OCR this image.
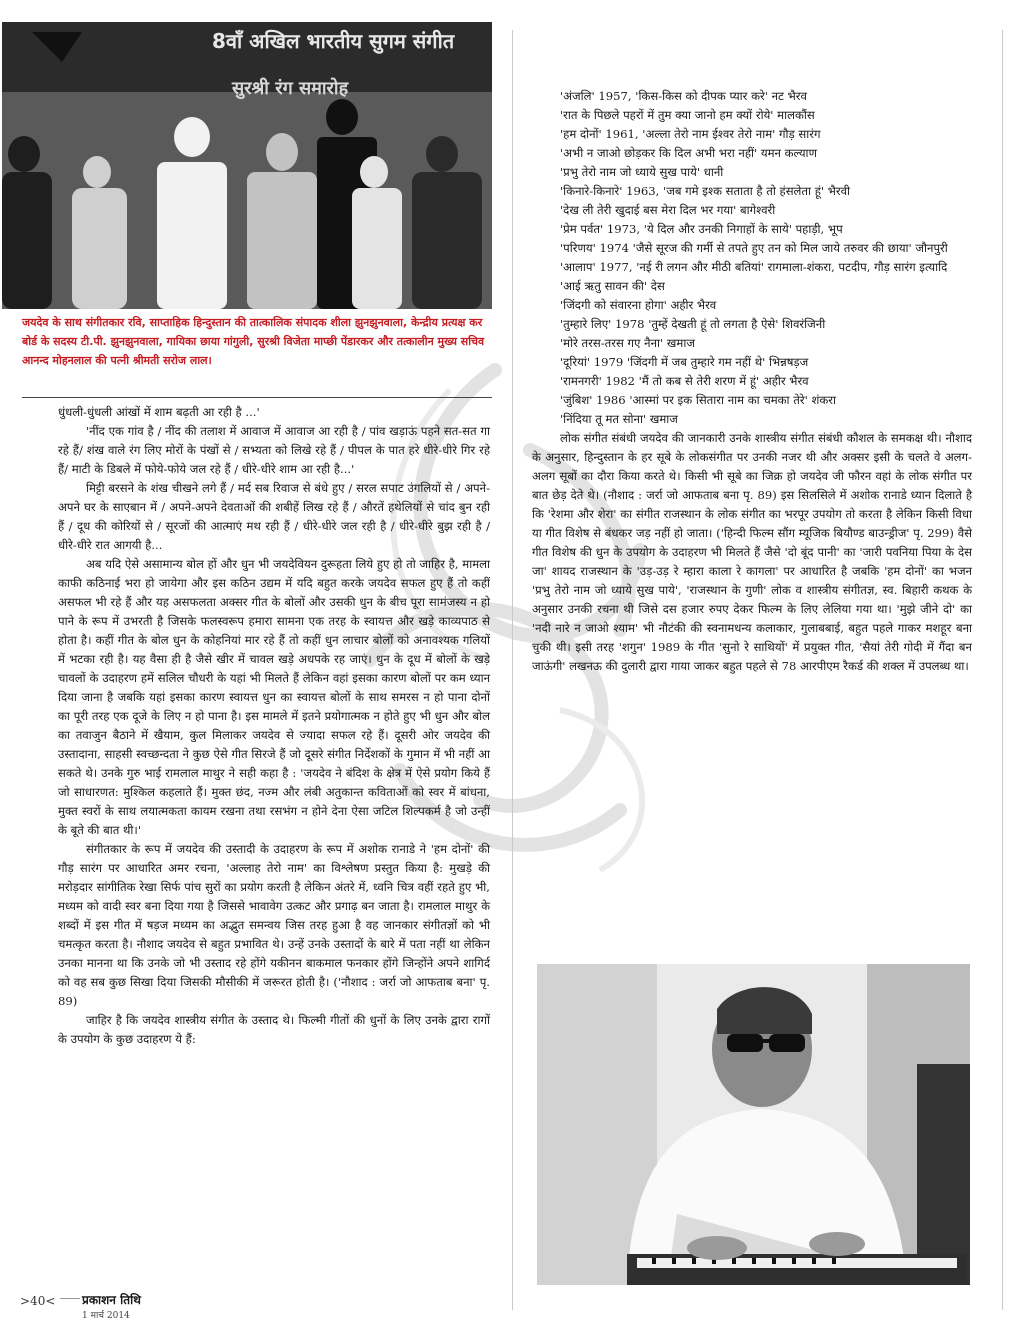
8वाँ अखिल भारतीय सुगम संगीत
सुरश्री रंग समारोह
जयदेव के साथ संगीतकार रवि, साप्ताहिक हिन्दुस्तान की तात्कालिक संपादक शीला झुनझुनवाला, केन्द्रीय प्रत्यक्ष कर बोर्ड के सदस्य टी.पी. झुनझुनवाला, गायिका छाया गांगुली, सुरश्री विजेता माप्छी पेंडारकर और तत्कालीन मुख्य सचिव आनन्द मोहनलाल की पत्नी श्रीमती सरोज लाल।

धुंधली-धुंधली आंखों में शाम बढ़ती आ रही है ...'

'नींद एक गांव है / नींद की तलाश में आवाज में आवाज आ रही है / पांव खड़ाऊं पहने सत-सत गा रहे हैं/ शंख वाले रंग लिए मोरों के पंखों से / सभ्यता को लिखे रहे हैं / पीपल के पात हरे धीरे-धीरे गिर रहे हैं/ माटी के डिबले में फोये-फोये जल रहे हैं / धीरे-धीरे शाम आ रही है...'

मिट्टी बरसने के शंख चीखने लगे हैं / मर्द सब रिवाज से बंधे हुए / सरल सपाट उंगलियों से / अपने-अपने घर के साएबान में / अपने-अपने देवताओं की शबीहें लिख रहे हैं / औरतें हथेलियों से चांद बुन रही हैं / दूध की कोरियों से / सूरजों की आत्माएं मथ रही हैं / धीरे-धीरे जल रही है / धीरे-धीरे बुझ रही है / धीरे-धीरे रात आगयी है...

अब यदि ऐसे असामान्य बोल हों और धुन भी जयदेवियन दुरूहता लिये हुए हो तो जाहिर है, मामला काफी कठिनाई भरा हो जायेगा और इस कठिन उद्यम में यदि बहुत करके जयदेव सफल हुए हैं तो कहीं असफल भी रहे हैं और यह असफलता अक्सर गीत के बोलों और उसकी धुन के बीच पूरा सामंजस्य न हो पाने के रूप में उभरती है जिसके फलस्वरूप हमारा सामना एक तरह के स्वायत्त और खड़े काव्यपाठ से होता है। कहीं गीत के बोल धुन के कोहनियां मार रहे हैं तो कहीं धुन लाचार बोलों को अनावश्यक गलियों में भटका रही है। यह वैसा ही है जैसे खीर में चावल खड़े अधपके रह जाएं। धुन के दूध में बोलों के खड़े चावलों के उदाहरण हमें सलिल चौधरी के यहां भी मिलते हैं लेकिन वहां इसका कारण बोलों पर कम ध्यान दिया जाना है जबकि यहां इसका कारण स्वायत्त धुन का स्वायत्त बोलों के साथ समरस न हो पाना दोनों का पूरी तरह एक दूजे के लिए न हो पाना है। इस मामले में इतने प्रयोगात्मक न होते हुए भी धुन और बोल का तवाजुन बैठाने में खैयाम, कुल मिलाकर जयदेव से ज्यादा सफल रहे हैं। दूसरी ओर जयदेव की उस्तादाना, साहसी स्वच्छन्दता ने कुछ ऐसे गीत सिरजे हैं जो दूसरे संगीत निर्देशकों के गुमान में भी नहीं आ सकते थे। उनके गुरु भाई रामलाल माथुर ने सही कहा है : 'जयदेव ने बंदिश के क्षेत्र में ऐसे प्रयोग किये हैं जो साधारणत: मुश्किल कहलाते हैं। मुक्त छंद, नज्म और लंबी अतुकान्त कविताओं को स्वर में बांधना, मुक्त स्वरों के साथ लयात्मकता कायम रखना तथा रसभंग न होने देना ऐसा जटिल शिल्पकर्म है जो उन्हीं के बूते की बात थी।'

संगीतकार के रूप में जयदेव की उस्तादी के उदाहरण के रूप में अशोक रानाडे ने 'हम दोनों' की गौड़ सारंग पर आधारित अमर रचना, 'अल्लाह तेरो नाम' का विश्लेषण प्रस्तुत किया है: मुखड़े की मरोड़दार सांगीतिक रेखा सिर्फ पांच सुरों का प्रयोग करती है लेकिन अंतरे में, ध्वनि चित्र वहीं रहते हुए भी, मध्यम को वादी स्वर बना दिया गया है जिससे भावावेग उत्कट और प्रगाढ़ बन जाता है। रामलाल माथुर के शब्दों में इस गीत में षड़ज मध्यम का अद्भुत समन्वय जिस तरह हुआ है वह जानकार संगीतज्ञों को भी चमत्कृत करता है। नौशाद जयदेव से बहुत प्रभावित थे। उन्हें उनके उस्तादों के बारे में पता नहीं था लेकिन उनका मानना था कि उनके जो भी उस्ताद रहे होंगे यकीनन बाकमाल फनकार होंगे जिन्होंने अपने शागिर्द को वह सब कुछ सिखा दिया जिसकी मौसीकी में जरूरत होती है। ('नौशाद : जर्रा जो आफताब बना' पृ. 89)

जाहिर है कि जयदेव शास्त्रीय संगीत के उस्ताद थे। फिल्मी गीतों की धुनों के लिए उनके द्वारा रागों के उपयोग के कुछ उदाहरण ये हैं:

'अंजलि' 1957, 'किस-किस को दीपक प्यार करे' नट भैरव

'रात के पिछले पहरों में तुम क्या जानो हम क्यों रोये' मालकौंस

'हम दोनों' 1961, 'अल्ला तेरो नाम ईश्वर तेरो नाम' गौड़ सारंग

'अभी न जाओ छोड़कर कि दिल अभी भरा नहीं' यमन कल्याण

'प्रभु तेरो नाम जो ध्याये सुख पाये' धानी

'किनारे-किनारे' 1963, 'जब गमे इश्क सताता है तो हंसलेता हूं' भैरवी

'देख ली तेरी खुदाई बस मेरा दिल भर गया' बागेश्वरी

'प्रेम पर्वत' 1973, 'ये दिल और उनकी निगाहों के साये' पहाड़ी, भूप

'परिणय' 1974 'जैसे सूरज की गर्मी से तपते हुए तन को मिल जाये तरुवर की छाया' जौनपुरी

'आलाप' 1977, 'नई री लगन और मीठी बतियां' रागमाला-शंकरा, पटदीप, गौड़ सारंग इत्यादि

'आई ऋतु सावन की' देस

'जिंदगी को संवारना होगा' अहीर भैरव

'तुम्हारे लिए' 1978 'तुम्हें देखती हूं तो लगता है ऐसे' शिवरंजिनी

'मोरे तरस-तरस गए नैना' खमाज

'दूरियां' 1979 'जिंदगी में जब तुम्हारे गम नहीं थे' भिन्नषड़ज

'रामनगरी' 1982 'मैं तो कब से तेरी शरण में हूं' अहीर भैरव

'जुंबिश' 1986 'आस्मां पर इक सितारा नाम का चमका तेरे' शंकरा

'निंदिया तू मत सोना' खमाज

लोक संगीत संबंधी जयदेव की जानकारी उनके शास्त्रीय संगीत संबंधी कौशल के समकक्ष थी। नौशाद के अनुसार, हिन्दुस्तान के हर सूबे के लोकसंगीत पर उनकी नजर थी और अक्सर इसी के चलते वे अलग-अलग सूबों का दौरा किया करते थे। किसी भी सूबे का जिक्र हो जयदेव जी फौरन वहां के लोक संगीत पर बात छेड़ देते थे। (नौशाद : जर्रा जो आफताब बना पृ. 89) इस सिलसिले में अशोक रानाडे ध्यान दिलाते है कि 'रेशमा और शेरा' का संगीत राजस्थान के लोक संगीत का भरपूर उपयोग तो करता है लेकिन किसी विधा या गीत विशेष से बंधकर जड़ नहीं हो जाता। ('हिन्दी फिल्म सौंग म्यूजिक बियौण्ड बाउन्ड्रीज' पृ. 299) वैसे गीत विशेष की धुन के उपयोग के उदाहरण भी मिलते हैं जैसे 'दो बूंद पानी' का 'जारी पवनिया पिया के देस जा' शायद राजस्थान के 'उड़-उड़ रे म्हारा काला रे कागला' पर आधारित है जबकि 'हम दोनों' का भजन 'प्रभु तेरो नाम जो ध्याये सुख पाये', 'राजस्थान के गुणी' लोक व शास्त्रीय संगीतज्ञ, स्व. बिहारी कथक के अनुसार उनकी रचना थी जिसे दस हजार रुपए देकर फिल्म के लिए लेलिया गया था। 'मुझे जीने दो' का 'नदी नारे न जाओ श्याम' भी नौटंकी की स्वनामधन्य कलाकार, गुलाबबाई, बहुत पहले गाकर मशहूर बना चुकी थी। इसी तरह 'शगुन' 1989 के गीत 'सुनो रे साथियों' में प्रयुक्त गीत, 'सैयां तेरी गोदी में गैंदा बन जाऊंगी' लखनऊ की दुलारी द्वारा गाया जाकर बहुत पहले से 78 आरपीएम रैकर्ड की शक्ल में उपलब्ध था।

>40< प्रकाशन तिथि
1 मार्च 2014
